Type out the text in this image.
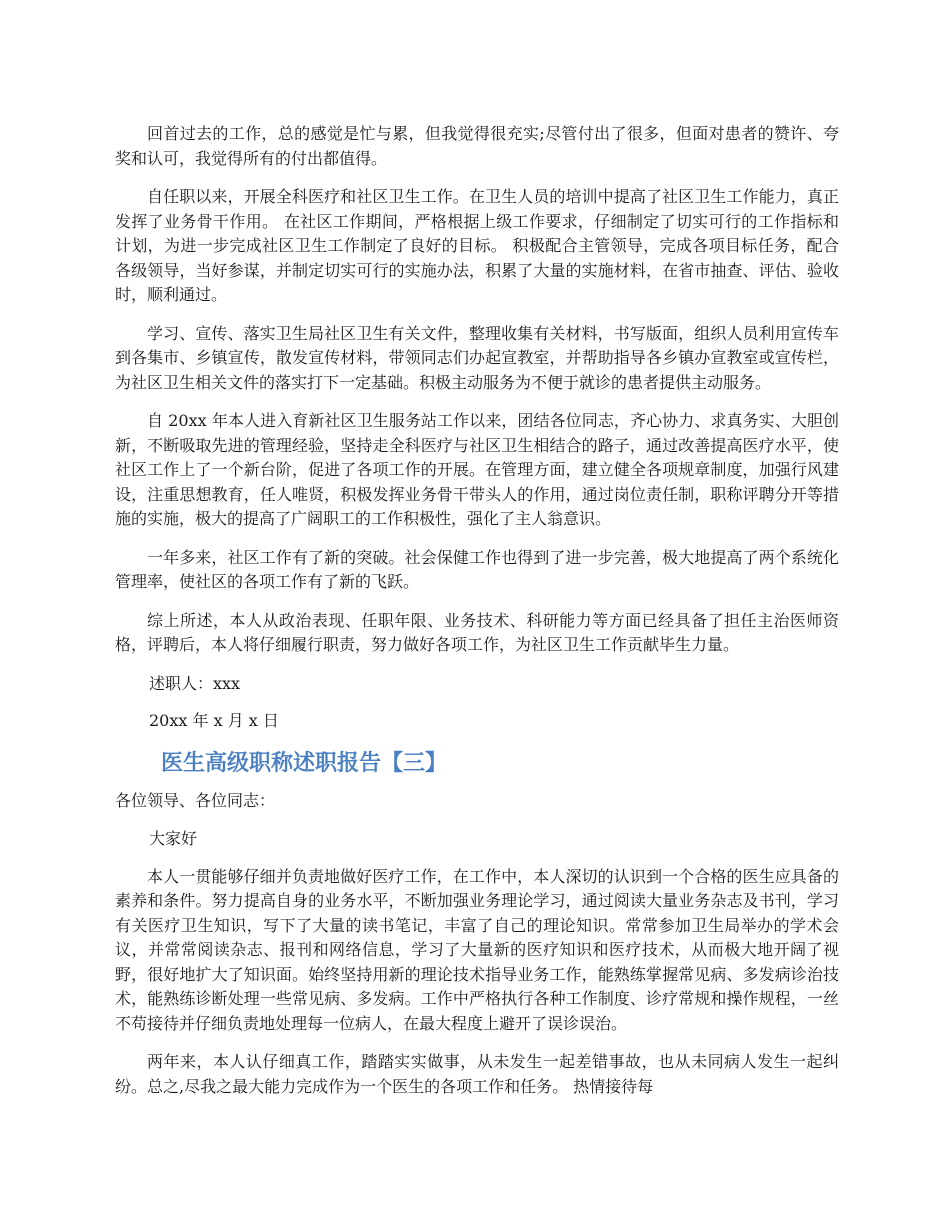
回首过去的工作，总的感觉是忙与累，但我觉得很充实;尽管付出了很多，但面对患者的赞许、夸奖和认可，我觉得所有的付出都值得。

自任职以来，开展全科医疗和社区卫生工作。在卫生人员的培训中提高了社区卫生工作能力，真正发挥了业务骨干作用。 在社区工作期间，严格根据上级工作要求，仔细制定了切实可行的工作指标和计划，为进一步完成社区卫生工作制定了良好的目标。 积极配合主管领导，完成各项目标任务，配合各级领导，当好参谋，并制定切实可行的实施办法，积累了大量的实施材料，在省市抽查、评估、验收时，顺利通过。

学习、宣传、落实卫生局社区卫生有关文件，整理收集有关材料，书写版面，组织人员利用宣传车到各集市、乡镇宣传，散发宣传材料，带领同志们办起宣教室，并帮助指导各乡镇办宣教室或宣传栏，为社区卫生相关文件的落实打下一定基础。积极主动服务为不便于就诊的患者提供主动服务。

自 20xx 年本人进入育新社区卫生服务站工作以来，团结各位同志，齐心协力、求真务实、大胆创新，不断吸取先进的管理经验，坚持走全科医疗与社区卫生相结合的路子，通过改善提高医疗水平，使社区工作上了一个新台阶，促进了各项工作的开展。在管理方面，建立健全各项规章制度，加强行风建设，注重思想教育，任人唯贤，积极发挥业务骨干带头人的作用，通过岗位责任制，职称评聘分开等措施的实施，极大的提高了广阔职工的工作积极性，强化了主人翁意识。

一年多来，社区工作有了新的突破。社会保健工作也得到了进一步完善，极大地提高了两个系统化管理率，使社区的各项工作有了新的飞跃。

综上所述，本人从政治表现、任职年限、业务技术、科研能力等方面已经具备了担任主治医师资格，评聘后，本人将仔细履行职责，努力做好各项工作，为社区卫生工作贡献毕生力量。

述职人：xxx

20xx 年 x 月 x 日

医生高级职称述职报告【三】

各位领导、各位同志：

大家好

本人一贯能够仔细并负责地做好医疗工作，在工作中，本人深切的认识到一个合格的医生应具备的素养和条件。努力提高自身的业务水平，不断加强业务理论学习，通过阅读大量业务杂志及书刊，学习有关医疗卫生知识，写下了大量的读书笔记，丰富了自己的理论知识。常常参加卫生局举办的学术会议，并常常阅读杂志、报刊和网络信息，学习了大量新的医疗知识和医疗技术，从而极大地开阔了视野，很好地扩大了知识面。始终坚持用新的理论技术指导业务工作，能熟练掌握常见病、多发病诊治技术，能熟练诊断处理一些常见病、多发病。工作中严格执行各种工作制度、诊疗常规和操作规程，一丝不苟接待并仔细负责地处理每一位病人，在最大程度上避开了误诊误治。

两年来，本人认仔细真工作，踏踏实实做事，从未发生一起差错事故，也从未同病人发生一起纠纷。总之,尽我之最大能力完成作为一个医生的各项工作和任务。 热情接待每
